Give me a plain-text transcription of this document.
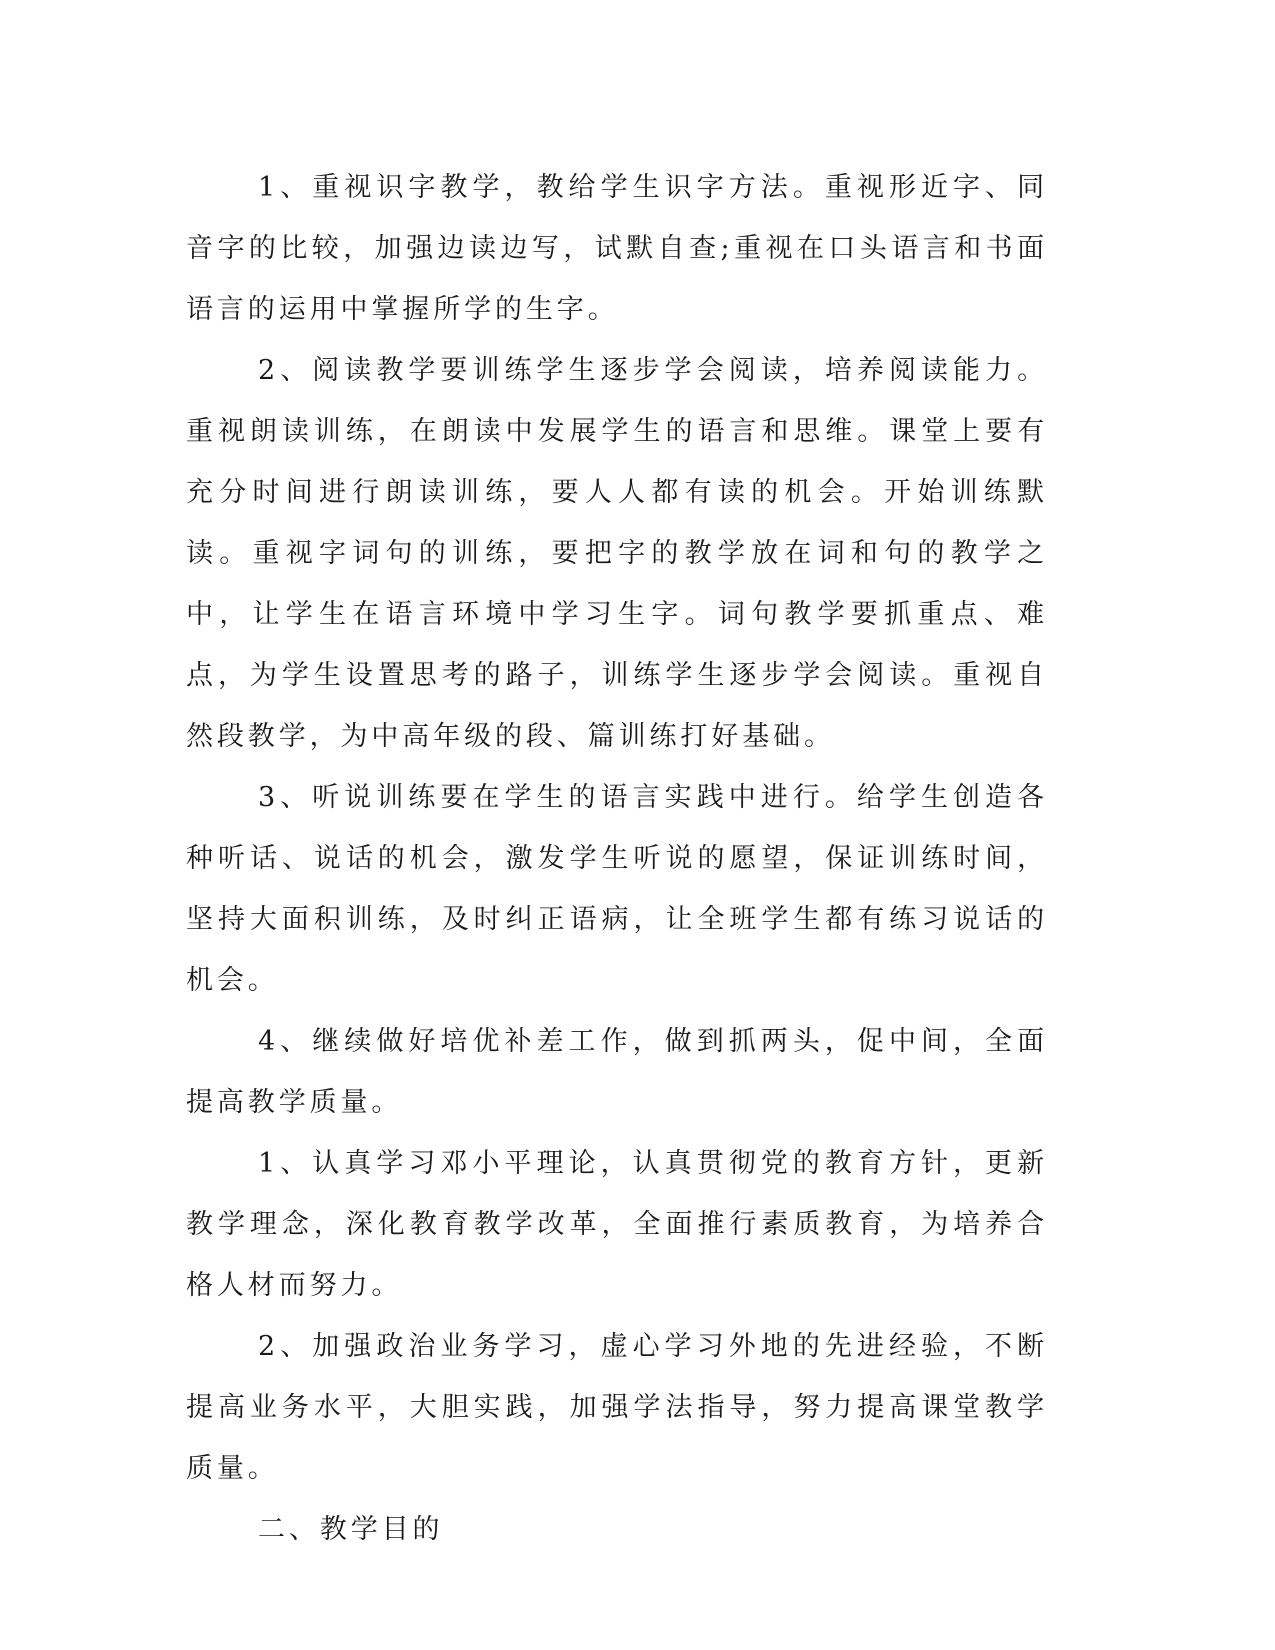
1、重视识字教学，教给学生识字方法。重视形近字、同音字的比较，加强边读边写，试默自查;重视在口头语言和书面语言的运用中掌握所学的生字。

2、阅读教学要训练学生逐步学会阅读，培养阅读能力。重视朗读训练，在朗读中发展学生的语言和思维。课堂上要有充分时间进行朗读训练，要人人都有读的机会。开始训练默读。重视字词句的训练，要把字的教学放在词和句的教学之中，让学生在语言环境中学习生字。词句教学要抓重点、难点，为学生设置思考的路子，训练学生逐步学会阅读。重视自然段教学，为中高年级的段、篇训练打好基础。

3、听说训练要在学生的语言实践中进行。给学生创造各种听话、说话的机会，激发学生听说的愿望，保证训练时间，坚持大面积训练，及时纠正语病，让全班学生都有练习说话的机会。

4、继续做好培优补差工作，做到抓两头，促中间，全面提高教学质量。

1、认真学习邓小平理论，认真贯彻党的教育方针，更新教学理念，深化教育教学改革，全面推行素质教育，为培养合格人材而努力。

2、加强政治业务学习，虚心学习外地的先进经验，不断提高业务水平，大胆实践，加强学法指导，努力提高课堂教学质量。

二、教学目的
